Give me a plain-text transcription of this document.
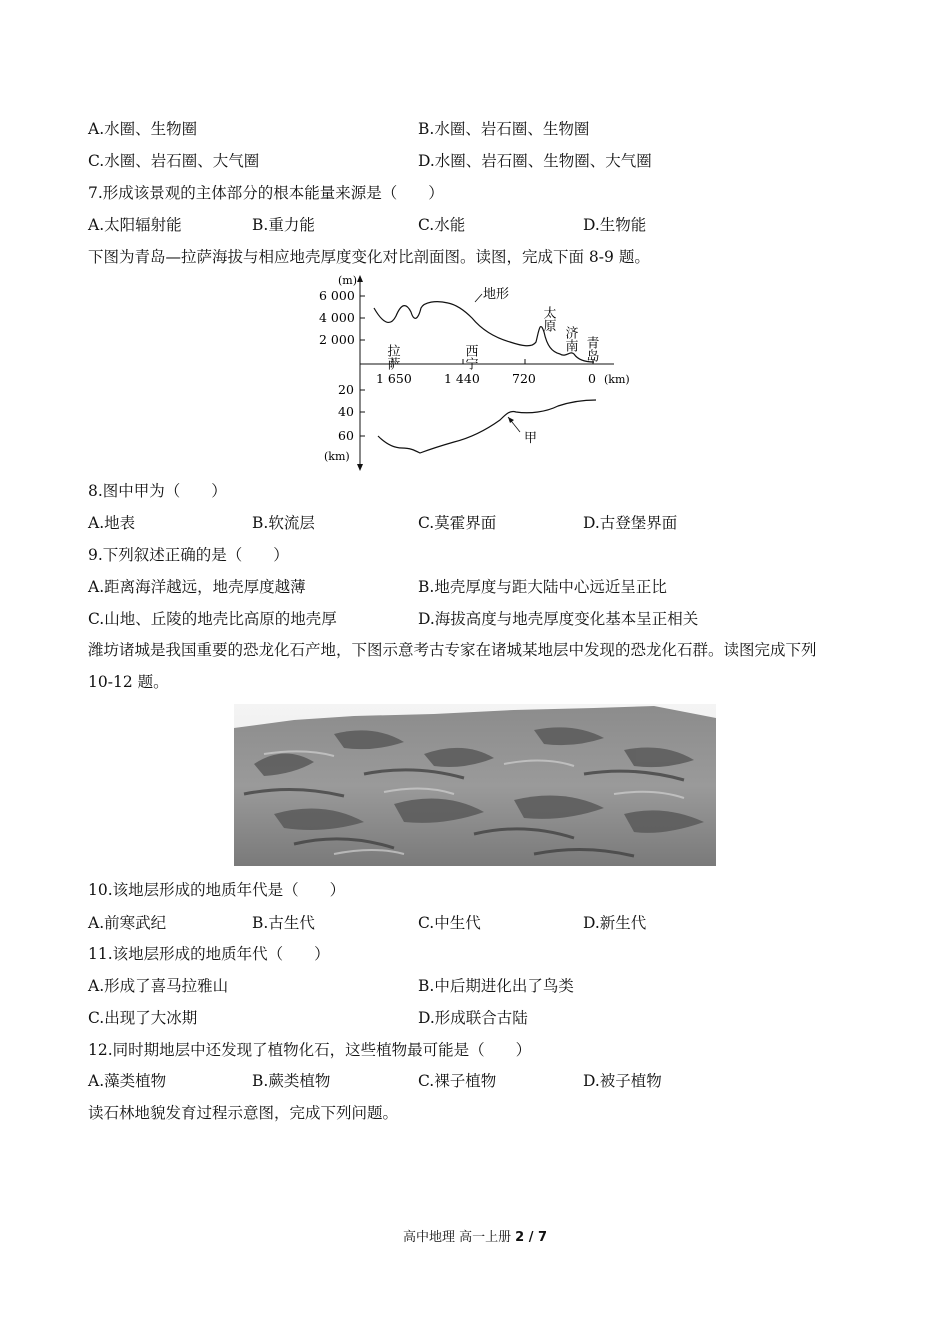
A.水圈、生物圈	B.水圈、岩石圈、生物圈
C.水圈、岩石圈、大气圈	D.水圈、岩石圈、生物圈、大气圈
7.形成该景观的主体部分的根本能量来源是（　　）
A.太阳辐射能	B.重力能	C.水能	D.生物能
下图为青岛—拉萨海拔与相应地壳厚度变化对比剖面图。读图，完成下面 8-9 题。
(m)
6 000
4 000
2 000
1 650	1 440	720	0 (km)
地形
拉萨	西宁
太原
济南 青岛
20
40
60
(km)
甲
8.图中甲为（　　）
A.地表	B.软流层	C.莫霍界面	D.古登堡界面
9.下列叙述正确的是（　　）
A.距离海洋越远，地壳厚度越薄	B.地壳厚度与距大陆中心远近呈正比
C.山地、丘陵的地壳比高原的地壳厚	D.海拔高度与地壳厚度变化基本呈正相关
潍坊诸城是我国重要的恐龙化石产地，下图示意考古专家在诸城某地层中发现的恐龙化石群。读图完成下列
10-12 题。
10.该地层形成的地质年代是（　　）
A.前寒武纪	B.古生代	C.中生代	D.新生代
11.该地层形成的地质年代（　　）
A.形成了喜马拉雅山	B.中后期进化出了鸟类
C.出现了大冰期	D.形成联合古陆
12.同时期地层中还发现了植物化石，这些植物最可能是（　　）
A.藻类植物	B.蕨类植物	C.裸子植物	D.被子植物
读石林地貌发育过程示意图，完成下列问题。
高中地理 高一上册 2 / 7
